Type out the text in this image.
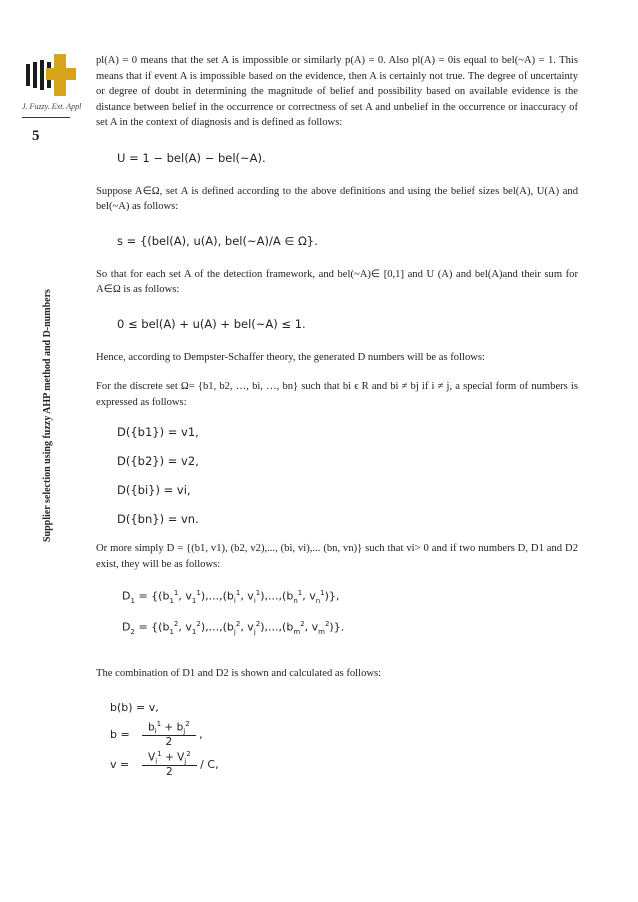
J. Fuzzy. Ext. Appl
5
Supplier selection using fuzzy AHP method and D-numbers

pl(A) = 0 means that the set A is impossible or similarly p(A) = 0. Also pl(A) = 0is equal to bel(~A) = 1. This means that if event A is impossible based on the evidence, then A is certainly not true. The degree of uncertainty or degree of doubt in determining the magnitude of belief and possibility based on available evidence is the distance between belief in the occurrence or correctness of set A and unbelief in the occurrence or inaccuracy of set A in the context of diagnosis and is defined as follows:

U = 1 − bel(A) − bel(~A).

Suppose A∈Ω, set A is defined according to the above definitions and using the belief sizes bel(A), U(A) and bel(~A) as follows:

s = {(bel(A), u(A), bel(~A)/A ∈ Ω}.

So that for each set A of the detection framework, and bel(~A)∈ [0,1] and U (A) and bel(A)and their sum for A∈Ω is as follows:

0 ≤ bel(A) + u(A) + bel(~A) ≤ 1.

Hence, according to Dempster-Schaffer theory, the generated D numbers will be as follows:

For the discrete set Ω= {b1, b2, …, bi, …, bn} such that bi ϵ R and bi ≠ bj if i ≠ j, a special form of numbers is expressed as follows:

D({b1}) = v1,

D({b2}) = v2,

D({bi}) = vi,

D({bn}) = vn.

Or more simply D = {(b1, v1), (b2, v2),..., (bi, vi),... (bn, vn)} such that vi> 0 and if two numbers D, D1 and D2 exist, they will be as follows:

$D_1 = \{(b_1^1$, $v_1^1),...,(b_i^1$, $v_i^1),...,(b_n^1$, $v_n^1$)},
$D_2 = \{(b_1^2$, $v_1^2),...,(b_j^2$, $v_j^2),...,(b_m^2$, $v_m^2$)}.

The combination of D1 and D2 is shown and calculated as follows:

b(b) = v,
b =	$\frac{b_i^1 + b_j^2}{2}$ ,
v =	$\frac{V_i^1 + V_j^2}{2}$ / C,
